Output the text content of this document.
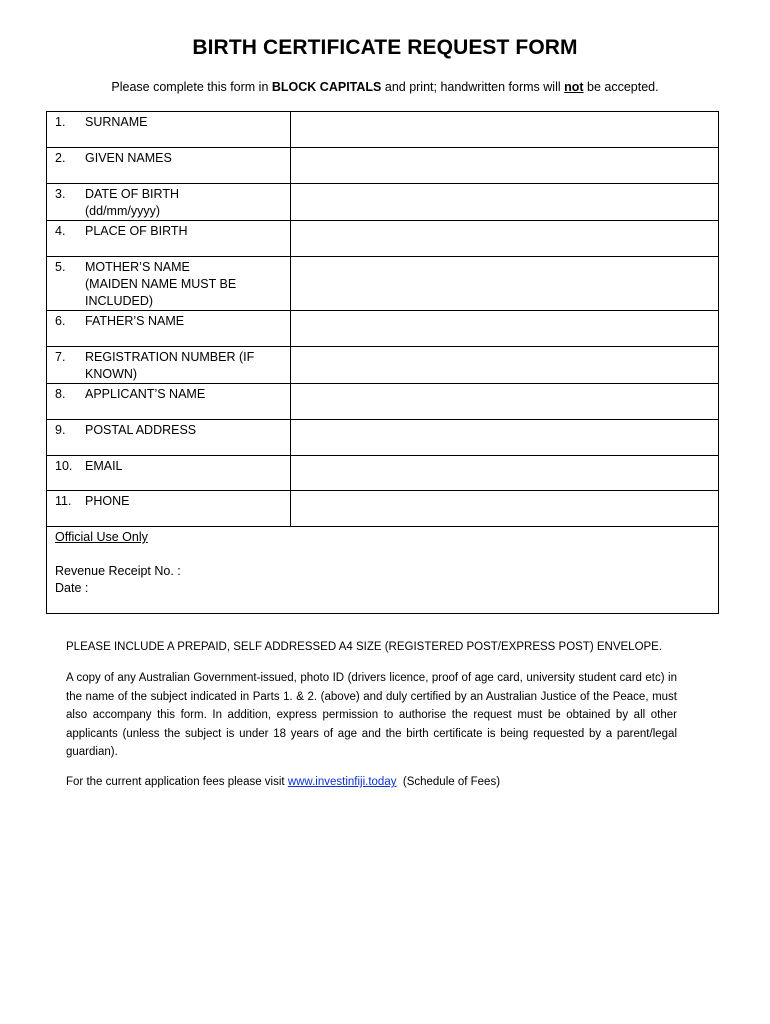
BIRTH CERTIFICATE REQUEST FORM
Please complete this form in BLOCK CAPITALS and print; handwritten forms will not be accepted.
1. SURNAME	

2. GIVEN NAMES	

3. DATE OF BIRTH
(dd/mm/yyyy)	

4. PLACE OF BIRTH	

5. MOTHER’S NAME
(MAIDEN NAME MUST BE INCLUDED)	

6. FATHER’S NAME	

7. REGISTRATION NUMBER (IF
KNOWN)	

8. APPLICANT’S NAME	

9. POSTAL ADDRESS	

10. EMAIL	

11. PHONE	

Official Use Only
Revenue Receipt No. :
Date :	

PLEASE INCLUDE A PREPAID, SELF ADDRESSED A4 SIZE (REGISTERED POST/EXPRESS POST) ENVELOPE.

A copy of any Australian Government-issued, photo ID (drivers licence, proof of age card, university student card etc) in the name of the subject indicated in Parts 1. & 2. (above) and duly certified by an Australian Justice of the Peace, must also accompany this form. In addition, express permission to authorise the request must be obtained by all other applicants (unless the subject is under 18 years of age and the birth certificate is being requested by a parent/legal guardian).

For the current application fees please visit www.investinfiji.today  (Schedule of Fees)
